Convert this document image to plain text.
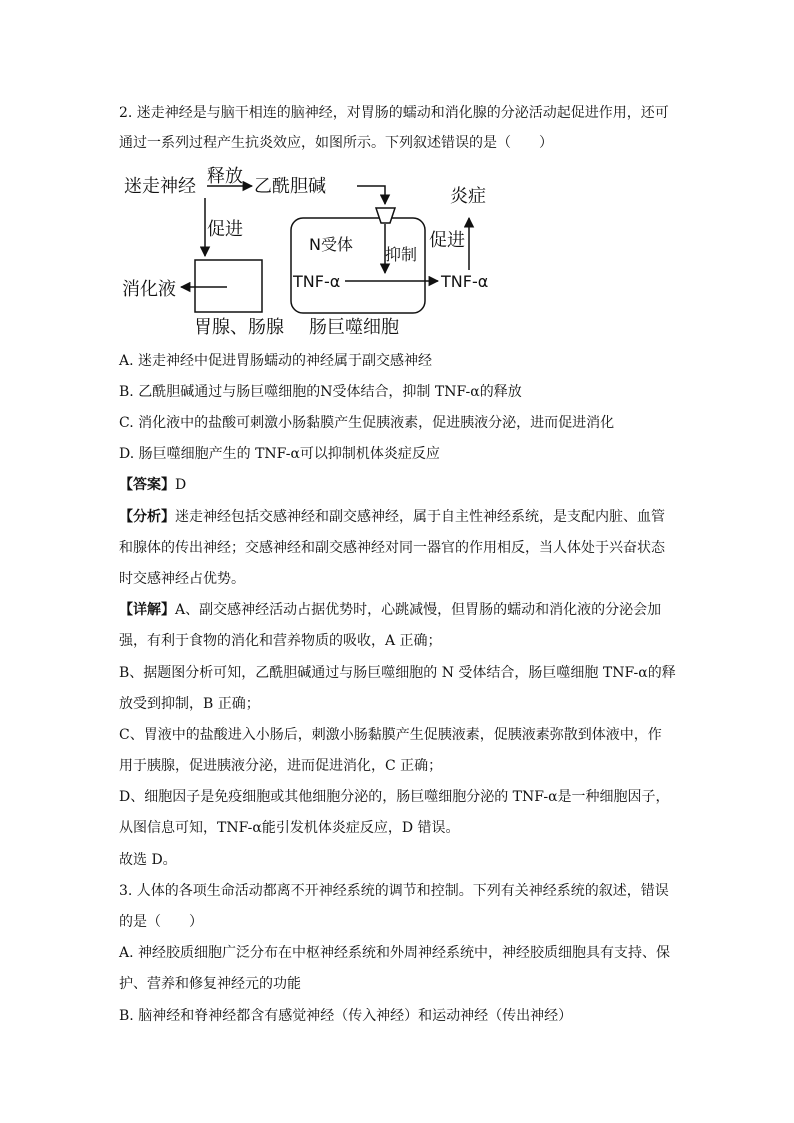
2. 迷走神经是与脑干相连的脑神经，对胃肠的蠕动和消化腺的分泌活动起促进作用，还可
通过一系列过程产生抗炎效应，如图所示。下列叙述错误的是（　　）
迷走神经 释放 乙酰胆碱
促进
N受体
抑制
促进
炎症
TNF-α	TNF-α
消化液
胃腺、肠腺 肠巨噬细胞
A. 迷走神经中促进胃肠蠕动的神经属于副交感神经
B. 乙酰胆碱通过与肠巨噬细胞的N受体结合，抑制 TNF-α的释放
C. 消化液中的盐酸可刺激小肠黏膜产生促胰液素，促进胰液分泌，进而促进消化
D. 肠巨噬细胞产生的 TNF-α可以抑制机体炎症反应
【答案】D
【分析】迷走神经包括交感神经和副交感神经，属于自主性神经系统，是支配内脏、血管
和腺体的传出神经；交感神经和副交感神经对同一器官的作用相反，当人体处于兴奋状态
时交感神经占优势。
【详解】A、副交感神经活动占据优势时，心跳减慢，但胃肠的蠕动和消化液的分泌会加
强，有利于食物的消化和营养物质的吸收，A 正确；
B、据题图分析可知，乙酰胆碱通过与肠巨噬细胞的 N 受体结合，肠巨噬细胞 TNF-α的释
放受到抑制，B 正确；
C、胃液中的盐酸进入小肠后，刺激小肠黏膜产生促胰液素，促胰液素弥散到体液中，作
用于胰腺，促进胰液分泌，进而促进消化，C 正确；
D、细胞因子是免疫细胞或其他细胞分泌的，肠巨噬细胞分泌的 TNF-α是一种细胞因子，
从图信息可知，TNF-α能引发机体炎症反应，D 错误。
故选 D。
3. 人体的各项生命活动都离不开神经系统的调节和控制。下列有关神经系统的叙述，错误
的是（　　）
A. 神经胶质细胞广泛分布在中枢神经系统和外周神经系统中，神经胶质细胞具有支持、保
护、营养和修复神经元的功能
B. 脑神经和脊神经都含有感觉神经（传入神经）和运动神经（传出神经）
